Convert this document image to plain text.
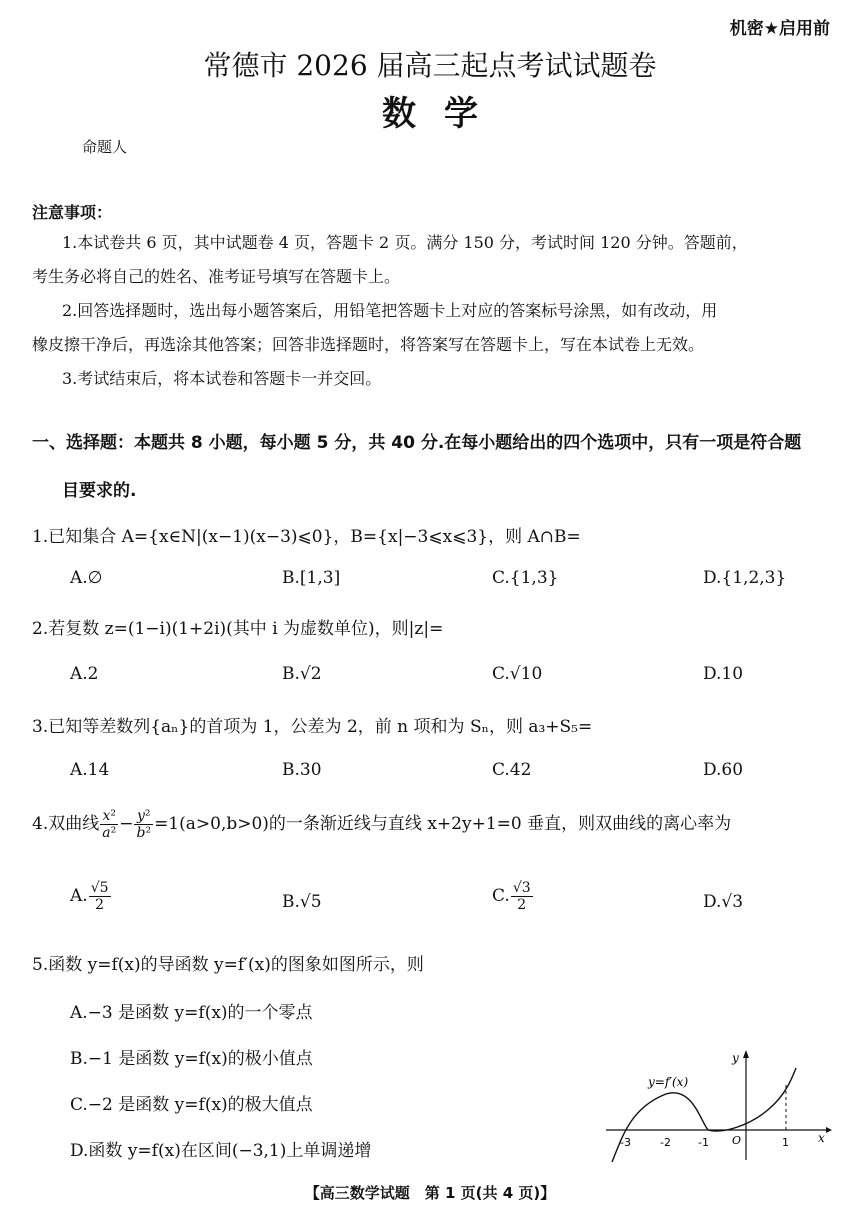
机密★启用前
常德市 2026 届高三起点考试试题卷
数学
命题人
注意事项：
1.本试卷共 6 页，其中试题卷 4 页，答题卡 2 页。满分 150 分，考试时间 120 分钟。答题前，
考生务必将自己的姓名、准考证号填写在答题卡上。
2.回答选择题时，选出每小题答案后，用铅笔把答题卡上对应的答案标号涂黑，如有改动，用
橡皮擦干净后，再选涂其他答案；回答非选择题时，将答案写在答题卡上，写在本试卷上无效。
3.考试结束后，将本试卷和答题卡一并交回。
一、选择题：本题共 8 小题，每小题 5 分，共 40 分.在每小题给出的四个选项中，只有一项是符合题
目要求的.
1.已知集合 A={x∈N|(x−1)(x−3)⩽0}，B={x|−3⩽x⩽3}，则 A∩B=
A.∅	B.[1,3]	C.{1,3}	D.{1,2,3}
2.若复数 z=(1−i)(1+2i)(其中 i 为虚数单位)，则|z|=
A.2	B.√2	C.√10	D.10
3.已知等差数列{aₙ}的首项为 1，公差为 2，前 n 项和为 Sₙ，则 a₃+S₅=
A.14	B.30	C.42	D.60
4.双曲线 $\frac{\text{x²}}{\text{a²}} - \frac{\text{y²}}{\text{b²}} =1(a>0,b>0)$的一条渐近线与直线 x+2y+1=0 垂直，则双曲线的离心率为
A. $\frac{√5}{2}$	B.√5	C. $\frac{√3}{2}$	D.√3
5.函数 y=f(x)的导函数 y=f′(x)的图象如图所示，则
A.−3 是函数 y=f(x)的一个零点
B.−1 是函数 y=f(x)的极小值点
C.−2 是函数 y=f(x)的极大值点
D.函数 y=f(x)在区间(−3,1)上单调递增
y=f′(x)
y
x
-3	-2 -1 O	1
【高三数学试题　第 1 页(共 4 页)】
